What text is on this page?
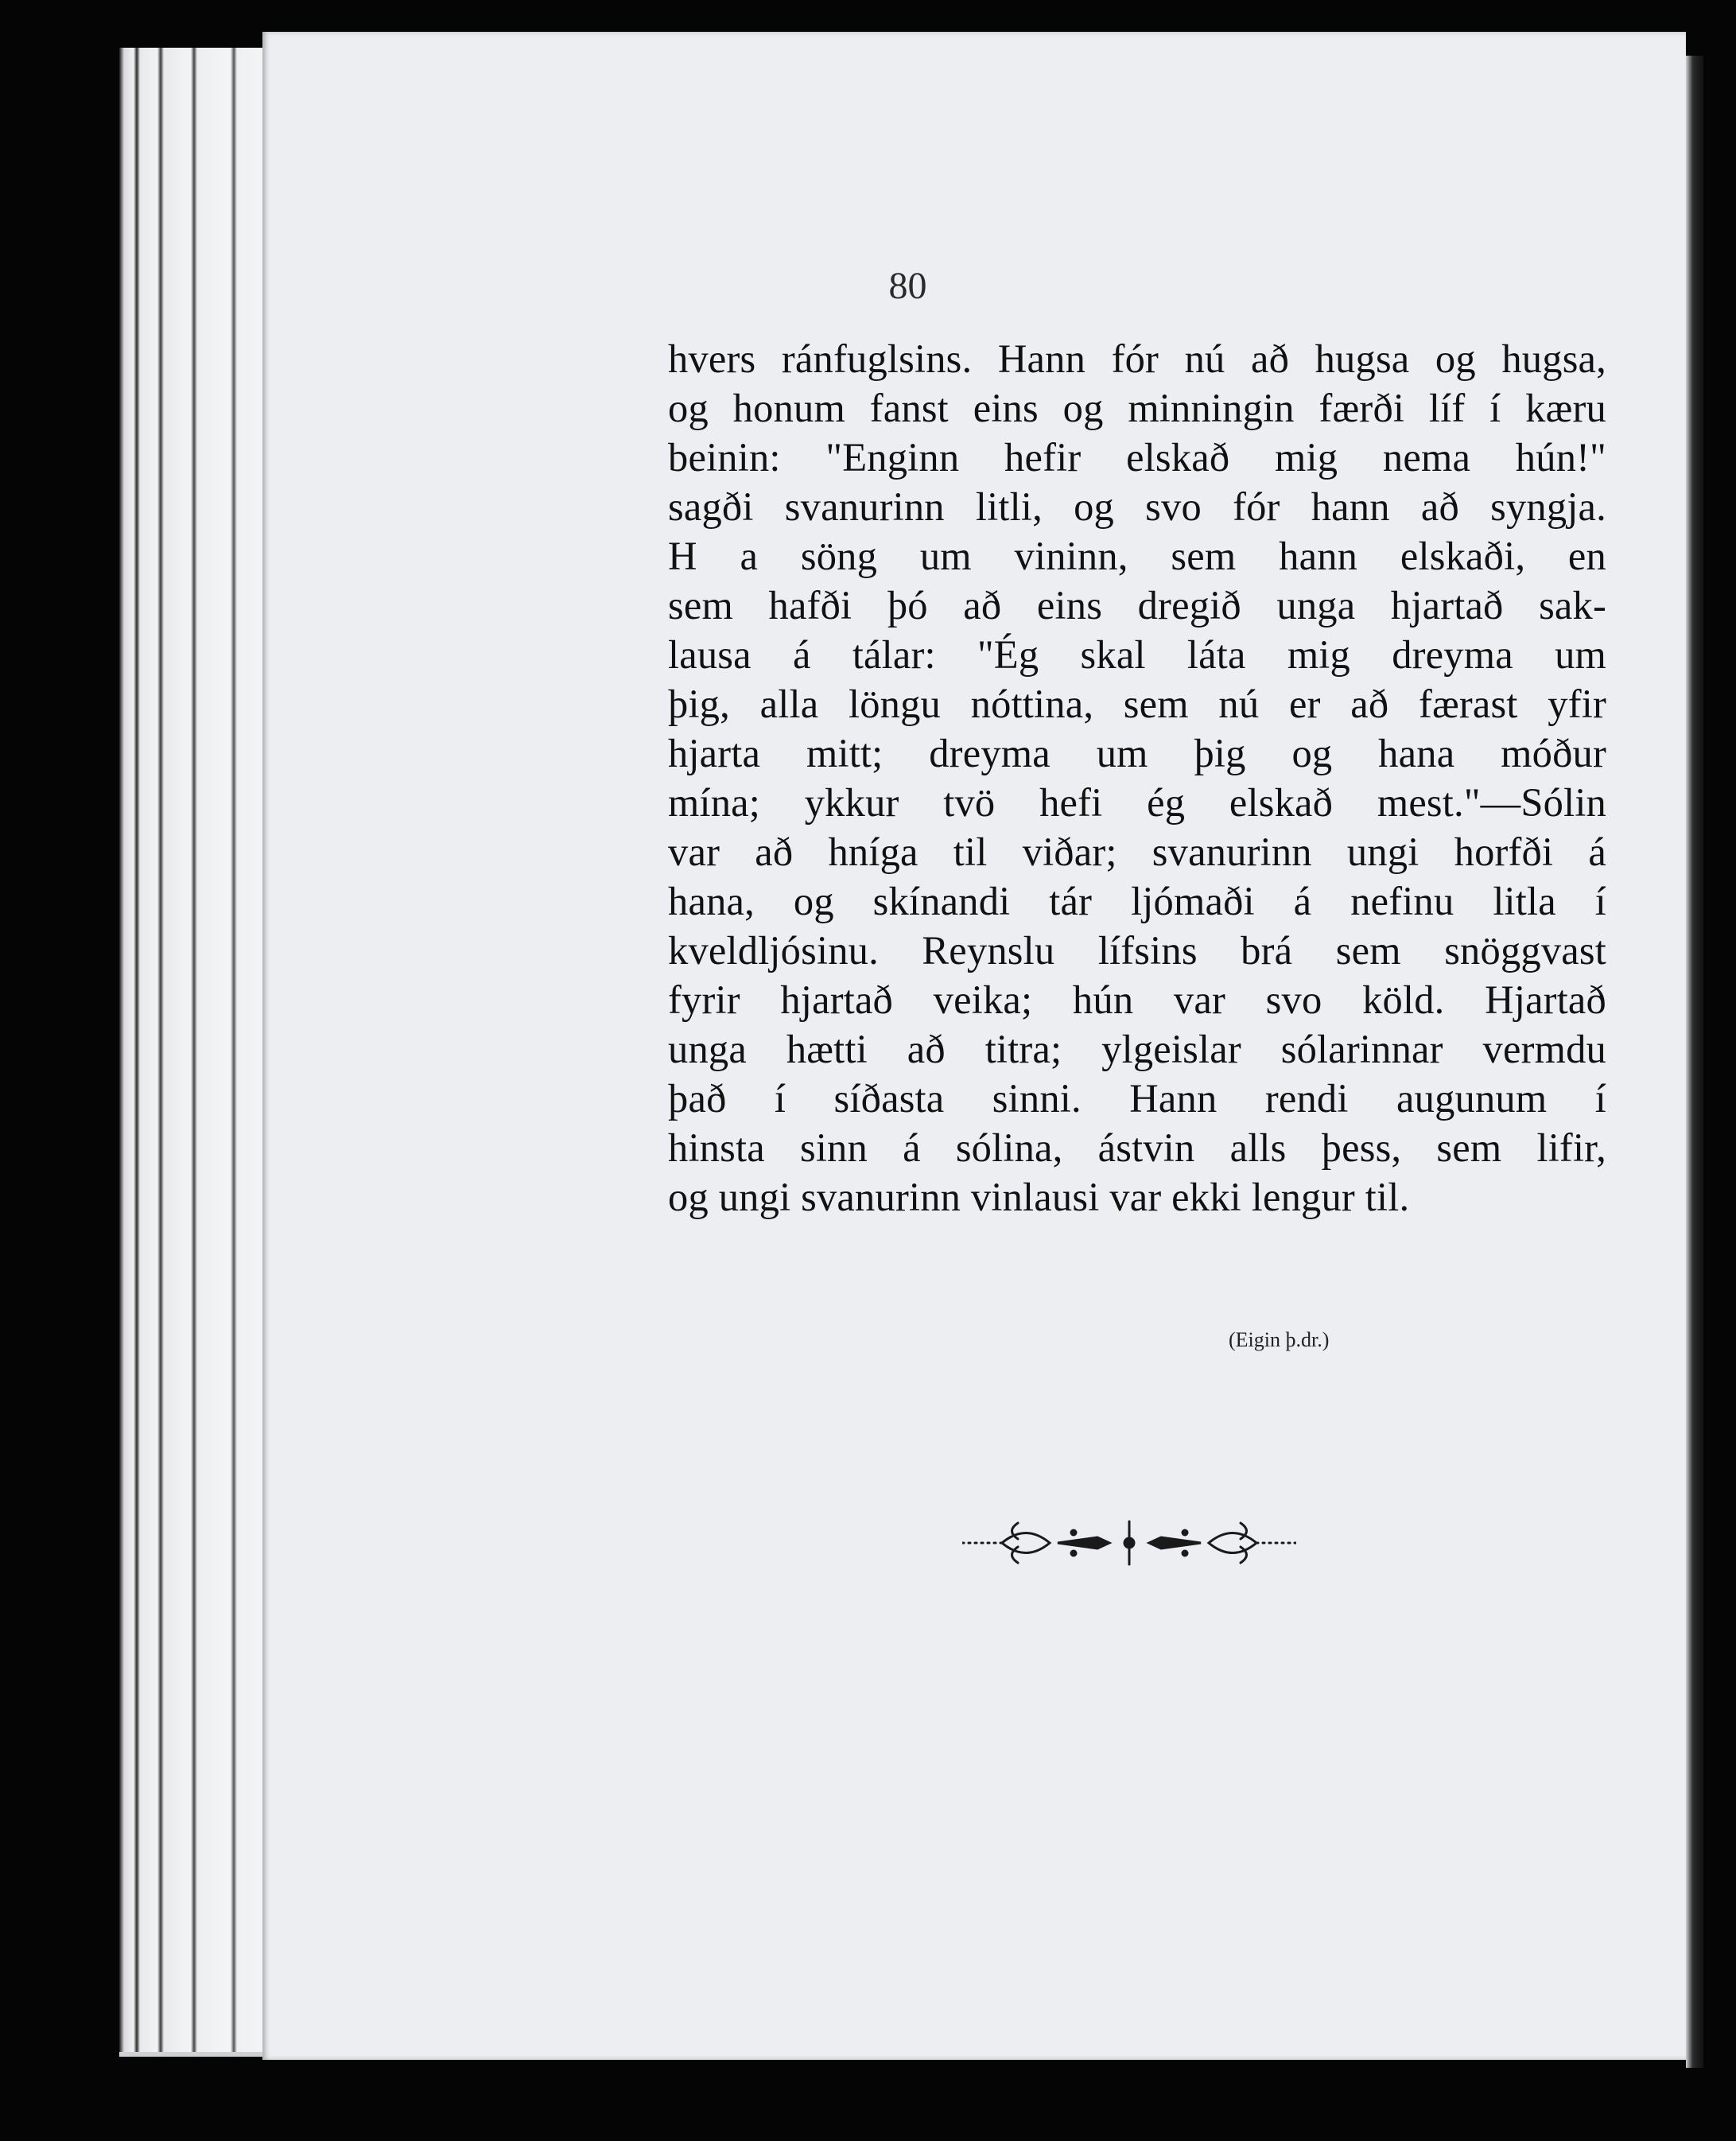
80
hvers ránfuglsins. Hann fór nú að hugsa og hugsa,
og honum fanst eins og minningin færði líf í kæru
beinin: "Enginn hefir elskað mig nema hún!"
sagði svanurinn litli, og svo fór hann að syngja.
H a söng um vininn, sem hann elskaði, en
sem hafði þó að eins dregið unga hjartað sak-
lausa á tálar: "Ég skal láta mig dreyma um
þig, alla löngu nóttina, sem nú er að færast yfir
hjarta mitt; dreyma um þig og hana móður
mína; ykkur tvö hefi ég elskað mest."—Sólin
var að hníga til viðar; svanurinn ungi horfði á
hana, og skínandi tár ljómaði á nefinu litla í
kveldljósinu. Reynslu lífsins brá sem snöggvast
fyrir hjartað veika; hún var svo köld. Hjartað
unga hætti að titra; ylgeislar sólarinnar vermdu
það í síðasta sinni. Hann rendi augunum í
hinsta sinn á sólina, ástvin alls þess, sem lifir,
og ungi svanurinn vinlausi var ekki lengur til.
(Eigin þ.dr.)
